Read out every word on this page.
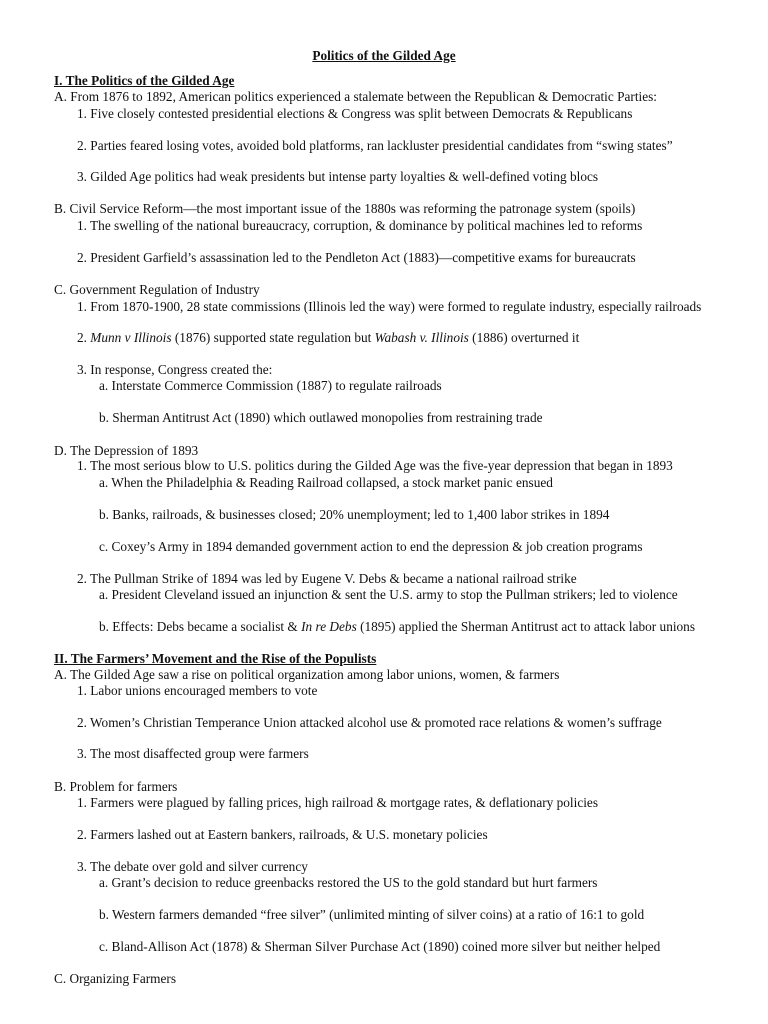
Politics of the Gilded Age
I. The Politics of the Gilded Age
A. From 1876 to 1892, American politics experienced a stalemate between the Republican & Democratic Parties:
1. Five closely contested presidential elections & Congress was split between Democrats & Republicans
2. Parties feared losing votes, avoided bold platforms, ran lackluster presidential candidates from “swing states”
3. Gilded Age politics had weak presidents but intense party loyalties & well-defined voting blocs
B. Civil Service Reform—the most important issue of the 1880s was reforming the patronage system (spoils)
1. The swelling of the national bureaucracy, corruption, & dominance by political machines led to reforms
2. President Garfield’s assassination led to the Pendleton Act (1883)—competitive exams for bureaucrats
C. Government Regulation of Industry
1. From 1870-1900, 28 state commissions (Illinois led the way) were formed to regulate industry, especially railroads
2. Munn v Illinois (1876) supported state regulation but Wabash v. Illinois (1886) overturned it
3. In response, Congress created the:
a. Interstate Commerce Commission (1887) to regulate railroads
b. Sherman Antitrust Act (1890) which outlawed monopolies from restraining trade
D. The Depression of 1893
1. The most serious blow to U.S. politics during the Gilded Age was the five-year depression that began in 1893
a. When the Philadelphia & Reading Railroad collapsed, a stock market panic ensued
b. Banks, railroads, & businesses closed; 20% unemployment; led to 1,400 labor strikes in 1894
c. Coxey’s Army in 1894 demanded government action to end the depression & job creation programs
2. The Pullman Strike of 1894 was led by Eugene V. Debs & became a national railroad strike
a. President Cleveland issued an injunction & sent the U.S. army to stop the Pullman strikers; led to violence
b. Effects: Debs became a socialist & In re Debs (1895) applied the Sherman Antitrust act to attack labor unions
II. The Farmers’ Movement and the Rise of the Populists
A. The Gilded Age saw a rise on political organization among labor unions, women, & farmers
1. Labor unions encouraged members to vote
2. Women’s Christian Temperance Union attacked alcohol use & promoted race relations & women’s suffrage
3. The most disaffected group were farmers
B. Problem for farmers
1. Farmers were plagued by falling prices, high railroad & mortgage rates, & deflationary policies
2. Farmers lashed out at Eastern bankers, railroads, & U.S. monetary policies
3. The debate over gold and silver currency
a. Grant’s decision to reduce greenbacks restored the US to the gold standard but hurt farmers
b. Western farmers demanded “free silver” (unlimited minting of silver coins) at a ratio of 16:1 to gold
c. Bland-Allison Act (1878) & Sherman Silver Purchase Act (1890) coined more silver but neither helped
C. Organizing Farmers
